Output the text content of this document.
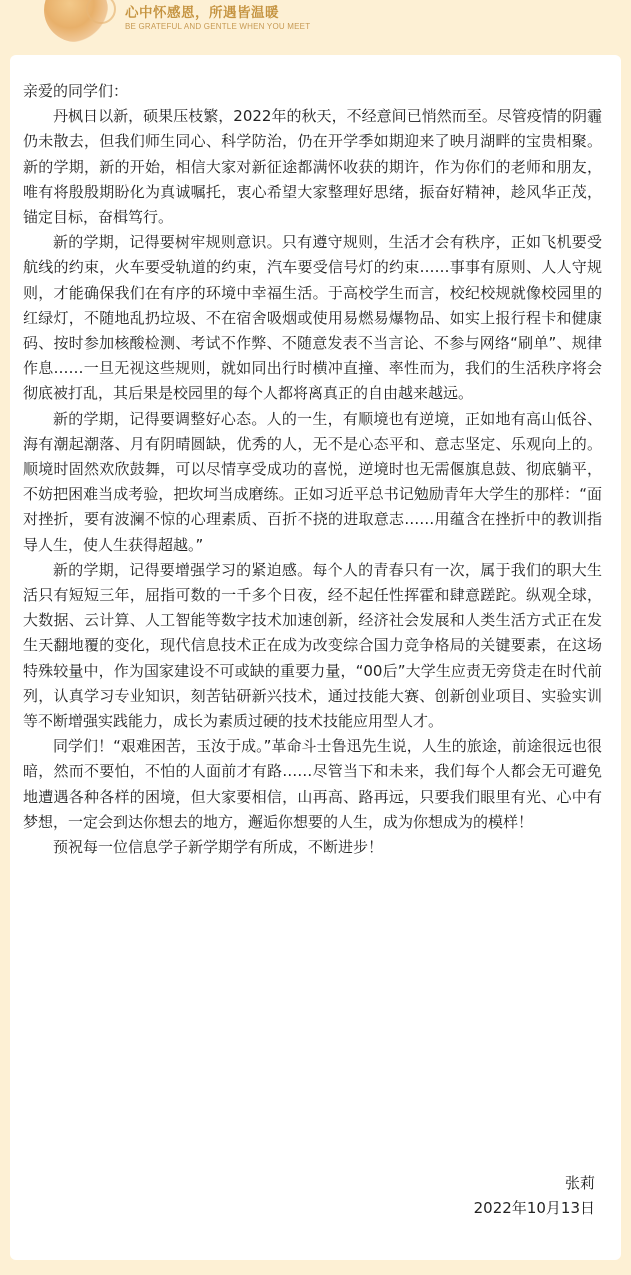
心中怀感恩，所遇皆温暖
BE GRATEFUL AND GENTLE WHEN YOU MEET

亲爱的同学们：

丹枫日以新，硕果压枝繁，2022年的秋天，不经意间已悄然而至。尽管疫情的阴霾仍未散去，但我们师生同心、科学防治，仍在开学季如期迎来了映月湖畔的宝贵相聚。新的学期，新的开始，相信大家对新征途都满怀收获的期许，作为你们的老师和朋友，唯有将殷殷期盼化为真诚嘱托，衷心希望大家整理好思绪，振奋好精神，趁风华正茂，锚定目标，奋楫笃行。

新的学期，记得要树牢规则意识。只有遵守规则，生活才会有秩序，正如飞机要受航线的约束，火车要受轨道的约束，汽车要受信号灯的约束……事事有原则、人人守规则，才能确保我们在有序的环境中幸福生活。于高校学生而言，校纪校规就像校园里的红绿灯，不随地乱扔垃圾、不在宿舍吸烟或使用易燃易爆物品、如实上报行程卡和健康码、按时参加核酸检测、考试不作弊、不随意发表不当言论、不参与网络“刷单”、规律作息……一旦无视这些规则，就如同出行时横冲直撞、率性而为，我们的生活秩序将会彻底被打乱，其后果是校园里的每个人都将离真正的自由越来越远。

新的学期，记得要调整好心态。人的一生，有顺境也有逆境，正如地有高山低谷、海有潮起潮落、月有阴晴圆缺，优秀的人，无不是心态平和、意志坚定、乐观向上的。顺境时固然欢欣鼓舞，可以尽情享受成功的喜悦，逆境时也无需偃旗息鼓、彻底躺平，不妨把困难当成考验，把坎坷当成磨练。正如习近平总书记勉励青年大学生的那样：“面对挫折，要有波澜不惊的心理素质、百折不挠的进取意志……用蕴含在挫折中的教训指导人生，使人生获得超越。”

新的学期，记得要增强学习的紧迫感。每个人的青春只有一次，属于我们的职大生活只有短短三年，屈指可数的一千多个日夜，经不起任性挥霍和肆意蹉跎。纵观全球，大数据、云计算、人工智能等数字技术加速创新，经济社会发展和人类生活方式正在发生天翻地覆的变化，现代信息技术正在成为改变综合国力竞争格局的关键要素，在这场特殊较量中，作为国家建设不可或缺的重要力量，“00后”大学生应责无旁贷走在时代前列，认真学习专业知识，刻苦钻研新兴技术，通过技能大赛、创新创业项目、实验实训等不断增强实践能力，成长为素质过硬的技术技能应用型人才。

同学们！“艰难困苦，玉汝于成。”革命斗士鲁迅先生说，人生的旅途，前途很远也很暗，然而不要怕，不怕的人面前才有路……尽管当下和未来，我们每个人都会无可避免地遭遇各种各样的困境，但大家要相信，山再高、路再远，只要我们眼里有光、心中有梦想，一定会到达你想去的地方，邂逅你想要的人生，成为你想成为的模样！

预祝每一位信息学子新学期学有所成，不断进步！

张莉
2022年10月13日
